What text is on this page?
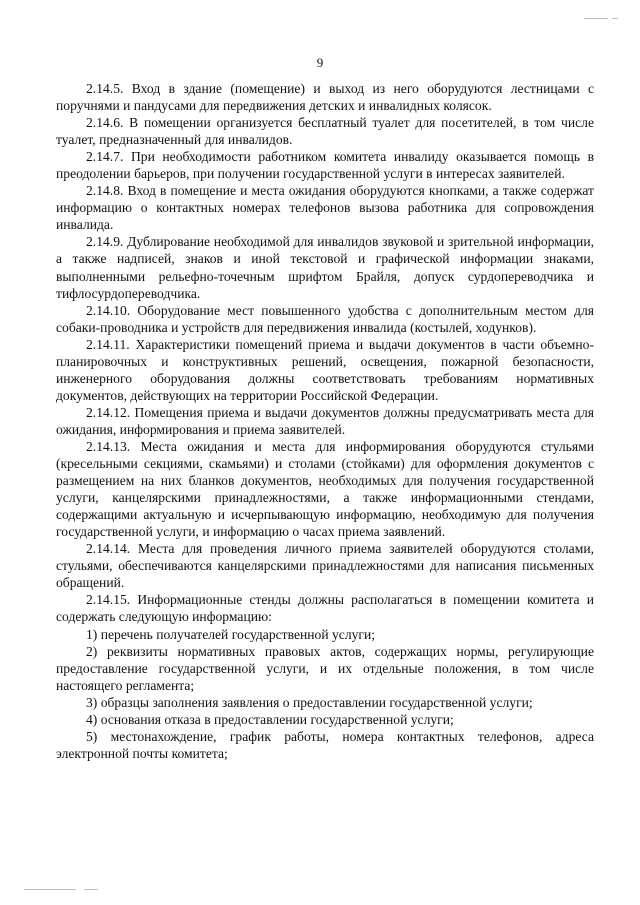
9

2.14.5. Вход в здание (помещение) и выход из него оборудуются лестницами с поручнями и пандусами для передвижения детских и инвалидных колясок.

2.14.6. В помещении организуется бесплатный туалет для посетителей, в том числе туалет, предназначенный для инвалидов.

2.14.7. При необходимости работником комитета инвалиду оказывается помощь в преодолении барьеров, при получении государственной услуги в интересах заявителей.

2.14.8. Вход в помещение и места ожидания оборудуются кнопками, а также содержат информацию о контактных номерах телефонов вызова работника для сопровождения инвалида.

2.14.9. Дублирование необходимой для инвалидов звуковой и зрительной информации, а также надписей, знаков и иной текстовой и графической информации знаками, выполненными рельефно-точечным шрифтом Брайля, допуск сурдопереводчика и тифлосурдопереводчика.

2.14.10. Оборудование мест повышенного удобства с дополнительным местом для собаки-проводника и устройств для передвижения инвалида (костылей, ходунков).

2.14.11. Характеристики помещений приема и выдачи документов в части объемно-планировочных и конструктивных решений, освещения, пожарной безопасности, инженерного оборудования должны соответствовать требованиям нормативных документов, действующих на территории Российской Федерации.

2.14.12. Помещения приема и выдачи документов должны предусматривать места для ожидания, информирования и приема заявителей.

2.14.13. Места ожидания и места для информирования оборудуются стульями (кресельными секциями, скамьями) и столами (стойками) для оформления документов с размещением на них бланков документов, необходимых для получения государственной услуги, канцелярскими принадлежностями, а также информационными стендами, содержащими актуальную и исчерпывающую информацию, необходимую для получения государственной услуги, и информацию о часах приема заявлений.

2.14.14. Места для проведения личного приема заявителей оборудуются столами, стульями, обеспечиваются канцелярскими принадлежностями для написания письменных обращений.

2.14.15. Информационные стенды должны располагаться в помещении комитета и содержать следующую информацию:

1) перечень получателей государственной услуги;

2) реквизиты нормативных правовых актов, содержащих нормы, регулирующие предоставление государственной услуги, и их отдельные положения, в том числе настоящего регламента;

3) образцы заполнения заявления о предоставлении государственной услуги;

4) основания отказа в предоставлении государственной услуги;

5) местонахождение, график работы, номера контактных телефонов, адреса электронной почты комитета;
